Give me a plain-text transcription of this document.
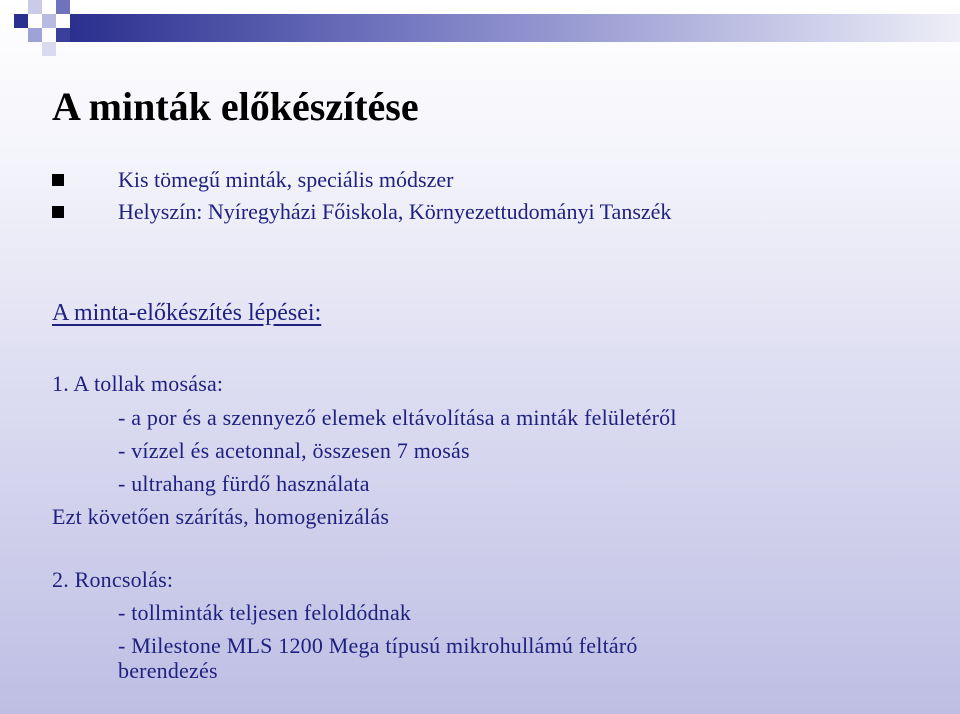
A minták előkészítése
Kis tömegű minták, speciális módszer
Helyszín: Nyíregyházi Főiskola, Környezettudományi Tanszék
A minta-előkészítés lépései:
1. A tollak mosása:
- a por és a szennyező elemek eltávolítása a minták felületéről
- vízzel és acetonnal, összesen 7 mosás
- ultrahang fürdő használata
Ezt követően szárítás, homogenizálás
2. Roncsolás:
- tollminták teljesen feloldódnak
- Milestone MLS 1200 Mega típusú mikrohullámú feltáró
berendezés
